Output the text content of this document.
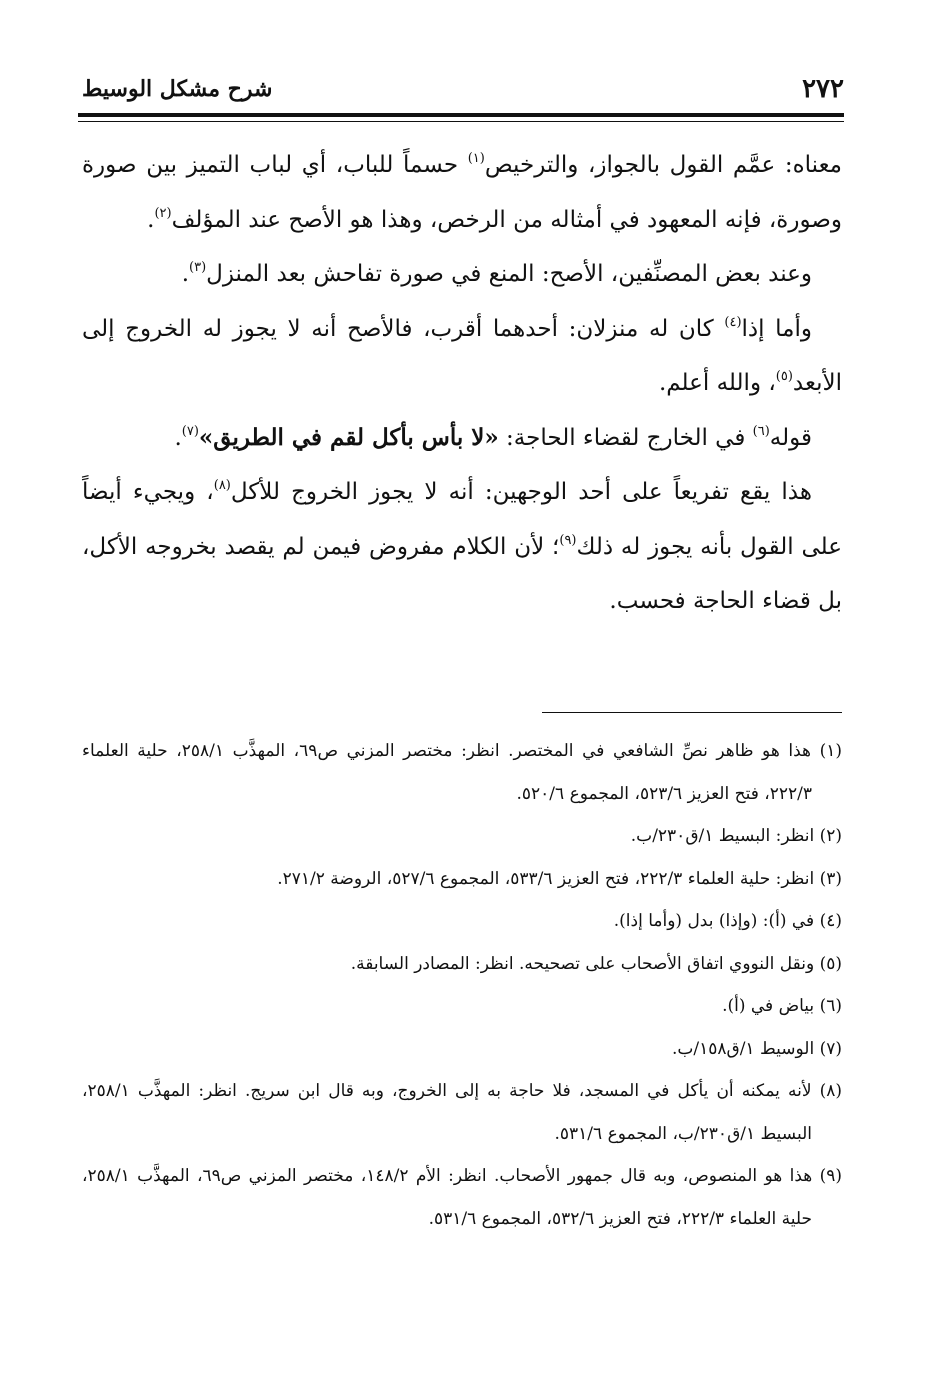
٢٧٢
شرح مشكل الوسيط

معناه: عمَّم القول بالجواز، والترخيص$^{(١)}$ حسماً للباب، أي لباب التميز بين صورة وصورة، فإنه المعهود في أمثاله من الرخص، وهذا هو الأصح عند المؤلف$^{(٢)}$.

وعند بعض المصنِّفين، الأصح: المنع في صورة تفاحش بعد المنزل$^{(٣)}$.

وأما إذا$^{(٤)}$ كان له منزلان: أحدهما أقرب، فالأصح أنه لا يجوز له الخروج إلى الأبعد$^{(٥)}$، والله أعلم.

قوله$^{(٦)}$ في الخارج لقضاء الحاجة: «لا بأس بأكل لقم في الطريق»$^{(٧)}$.

هذا يقع تفريعاً على أحد الوجهين: أنه لا يجوز الخروج للأكل$^{(٨)}$، ويجيء أيضاً على القول بأنه يجوز له ذلك$^{(٩)}$؛ لأن الكلام مفروض فيمن لم يقصد بخروجه الأكل، بل قضاء الحاجة فحسب.

(١) هذا هو ظاهر نصِّ الشافعي في المختصر. انظر: مختصر المزني ص٦٩، المهذَّب ٢٥٨/١، حلية العلماء ٢٢٢/٣، فتح العزيز ٥٢٣/٦، المجموع ٥٢٠/٦.

(٢) انظر: البسيط ١/ق٢٣٠/ب.

(٣) انظر: حلية العلماء ٢٢٢/٣، فتح العزيز ٥٣٣/٦، المجموع ٥٢٧/٦، الروضة ٢٧١/٢.

(٤) في (أ): (وإذا) بدل (وأما إذا).

(٥) ونقل النووي اتفاق الأصحاب على تصحيحه. انظر: المصادر السابقة.

(٦) بياض في (أ).

(٧) الوسيط ١/ق١٥٨/ب.

(٨) لأنه يمكنه أن يأكل في المسجد، فلا حاجة به إلى الخروج، وبه قال ابن سريج. انظر: المهذَّب ٢٥٨/١، البسيط ١/ق٢٣٠/ب، المجموع ٥٣١/٦.

(٩) هذا هو المنصوص، وبه قال جمهور الأصحاب. انظر: الأم ١٤٨/٢، مختصر المزني ص٦٩، المهذَّب ٢٥٨/١، حلية العلماء ٢٢٢/٣، فتح العزيز ٥٣٢/٦، المجموع ٥٣١/٦.
